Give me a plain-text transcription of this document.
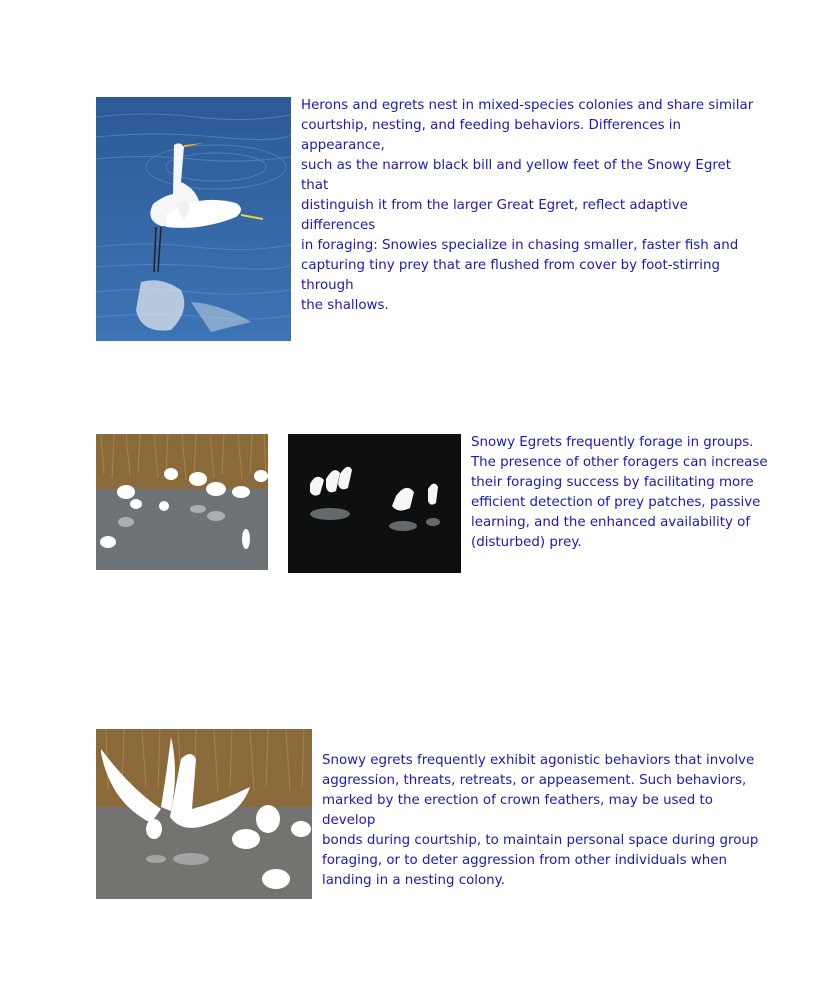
Herons and egrets nest in mixed-species colonies and share similar
courtship, nesting, and feeding behaviors. Differences in appearance,
such as the narrow black bill and yellow feet of the Snowy Egret that
distinguish it from the larger Great Egret, reflect adaptive differences
in foraging: Snowies specialize in chasing smaller, faster fish and
capturing tiny prey that are flushed from cover by foot-stirring through
the shallows.

Snowy Egrets frequently forage in groups.
The presence of other foragers can increase
their foraging success by facilitating more
efficient detection of prey patches, passive
learning, and the enhanced availability of
(disturbed) prey.

Snowy egrets frequently exhibit agonistic behaviors that involve
aggression, threats, retreats, or appeasement. Such behaviors,
marked by the erection of crown feathers, may be used to develop
bonds during courtship, to maintain personal space during group
foraging, or to deter aggression from other individuals when
landing in a nesting colony.
